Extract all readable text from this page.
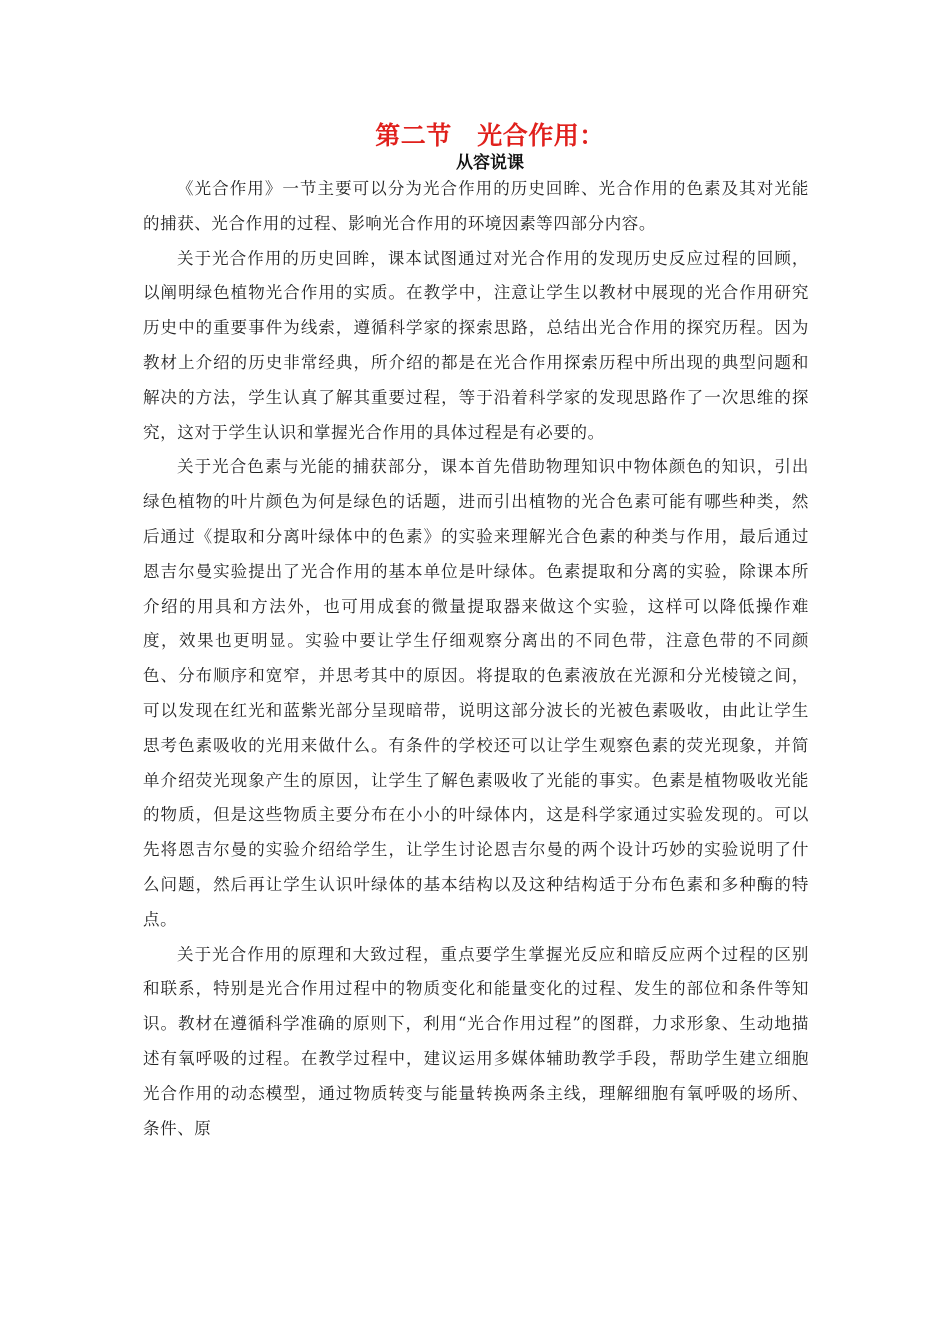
第二节　光合作用：
从容说课

《光合作用》一节主要可以分为光合作用的历史回眸、光合作用的色素及其对光能的捕获、光合作用的过程、影响光合作用的环境因素等四部分内容。

关于光合作用的历史回眸，课本试图通过对光合作用的发现历史反应过程的回顾，以阐明绿色植物光合作用的实质。在教学中，注意让学生以教材中展现的光合作用研究历史中的重要事件为线索，遵循科学家的探索思路，总结出光合作用的探究历程。因为教材上介绍的历史非常经典，所介绍的都是在光合作用探索历程中所出现的典型问题和解决的方法，学生认真了解其重要过程，等于沿着科学家的发现思路作了一次思维的探究，这对于学生认识和掌握光合作用的具体过程是有必要的。

关于光合色素与光能的捕获部分，课本首先借助物理知识中物体颜色的知识，引出绿色植物的叶片颜色为何是绿色的话题，进而引出植物的光合色素可能有哪些种类，然后通过《提取和分离叶绿体中的色素》的实验来理解光合色素的种类与作用，最后通过恩吉尔曼实验提出了光合作用的基本单位是叶绿体。色素提取和分离的实验，除课本所介绍的用具和方法外，也可用成套的微量提取器来做这个实验，这样可以降低操作难度，效果也更明显。实验中要让学生仔细观察分离出的不同色带，注意色带的不同颜色、分布顺序和宽窄，并思考其中的原因。将提取的色素液放在光源和分光棱镜之间，可以发现在红光和蓝紫光部分呈现暗带，说明这部分波长的光被色素吸收，由此让学生思考色素吸收的光用来做什么。有条件的学校还可以让学生观察色素的荧光现象，并简单介绍荧光现象产生的原因，让学生了解色素吸收了光能的事实。色素是植物吸收光能的物质，但是这些物质主要分布在小小的叶绿体内，这是科学家通过实验发现的。可以先将恩吉尔曼的实验介绍给学生，让学生讨论恩吉尔曼的两个设计巧妙的实验说明了什么问题，然后再让学生认识叶绿体的基本结构以及这种结构适于分布色素和多种酶的特点。

关于光合作用的原理和大致过程，重点要学生掌握光反应和暗反应两个过程的区别和联系，特别是光合作用过程中的物质变化和能量变化的过程、发生的部位和条件等知识。教材在遵循科学准确的原则下，利用“光合作用过程”的图群，力求形象、生动地描述有氧呼吸的过程。在教学过程中，建议运用多媒体辅助教学手段，帮助学生建立细胞光合作用的动态模型，通过物质转变与能量转换两条主线，理解细胞有氧呼吸的场所、条件、原
